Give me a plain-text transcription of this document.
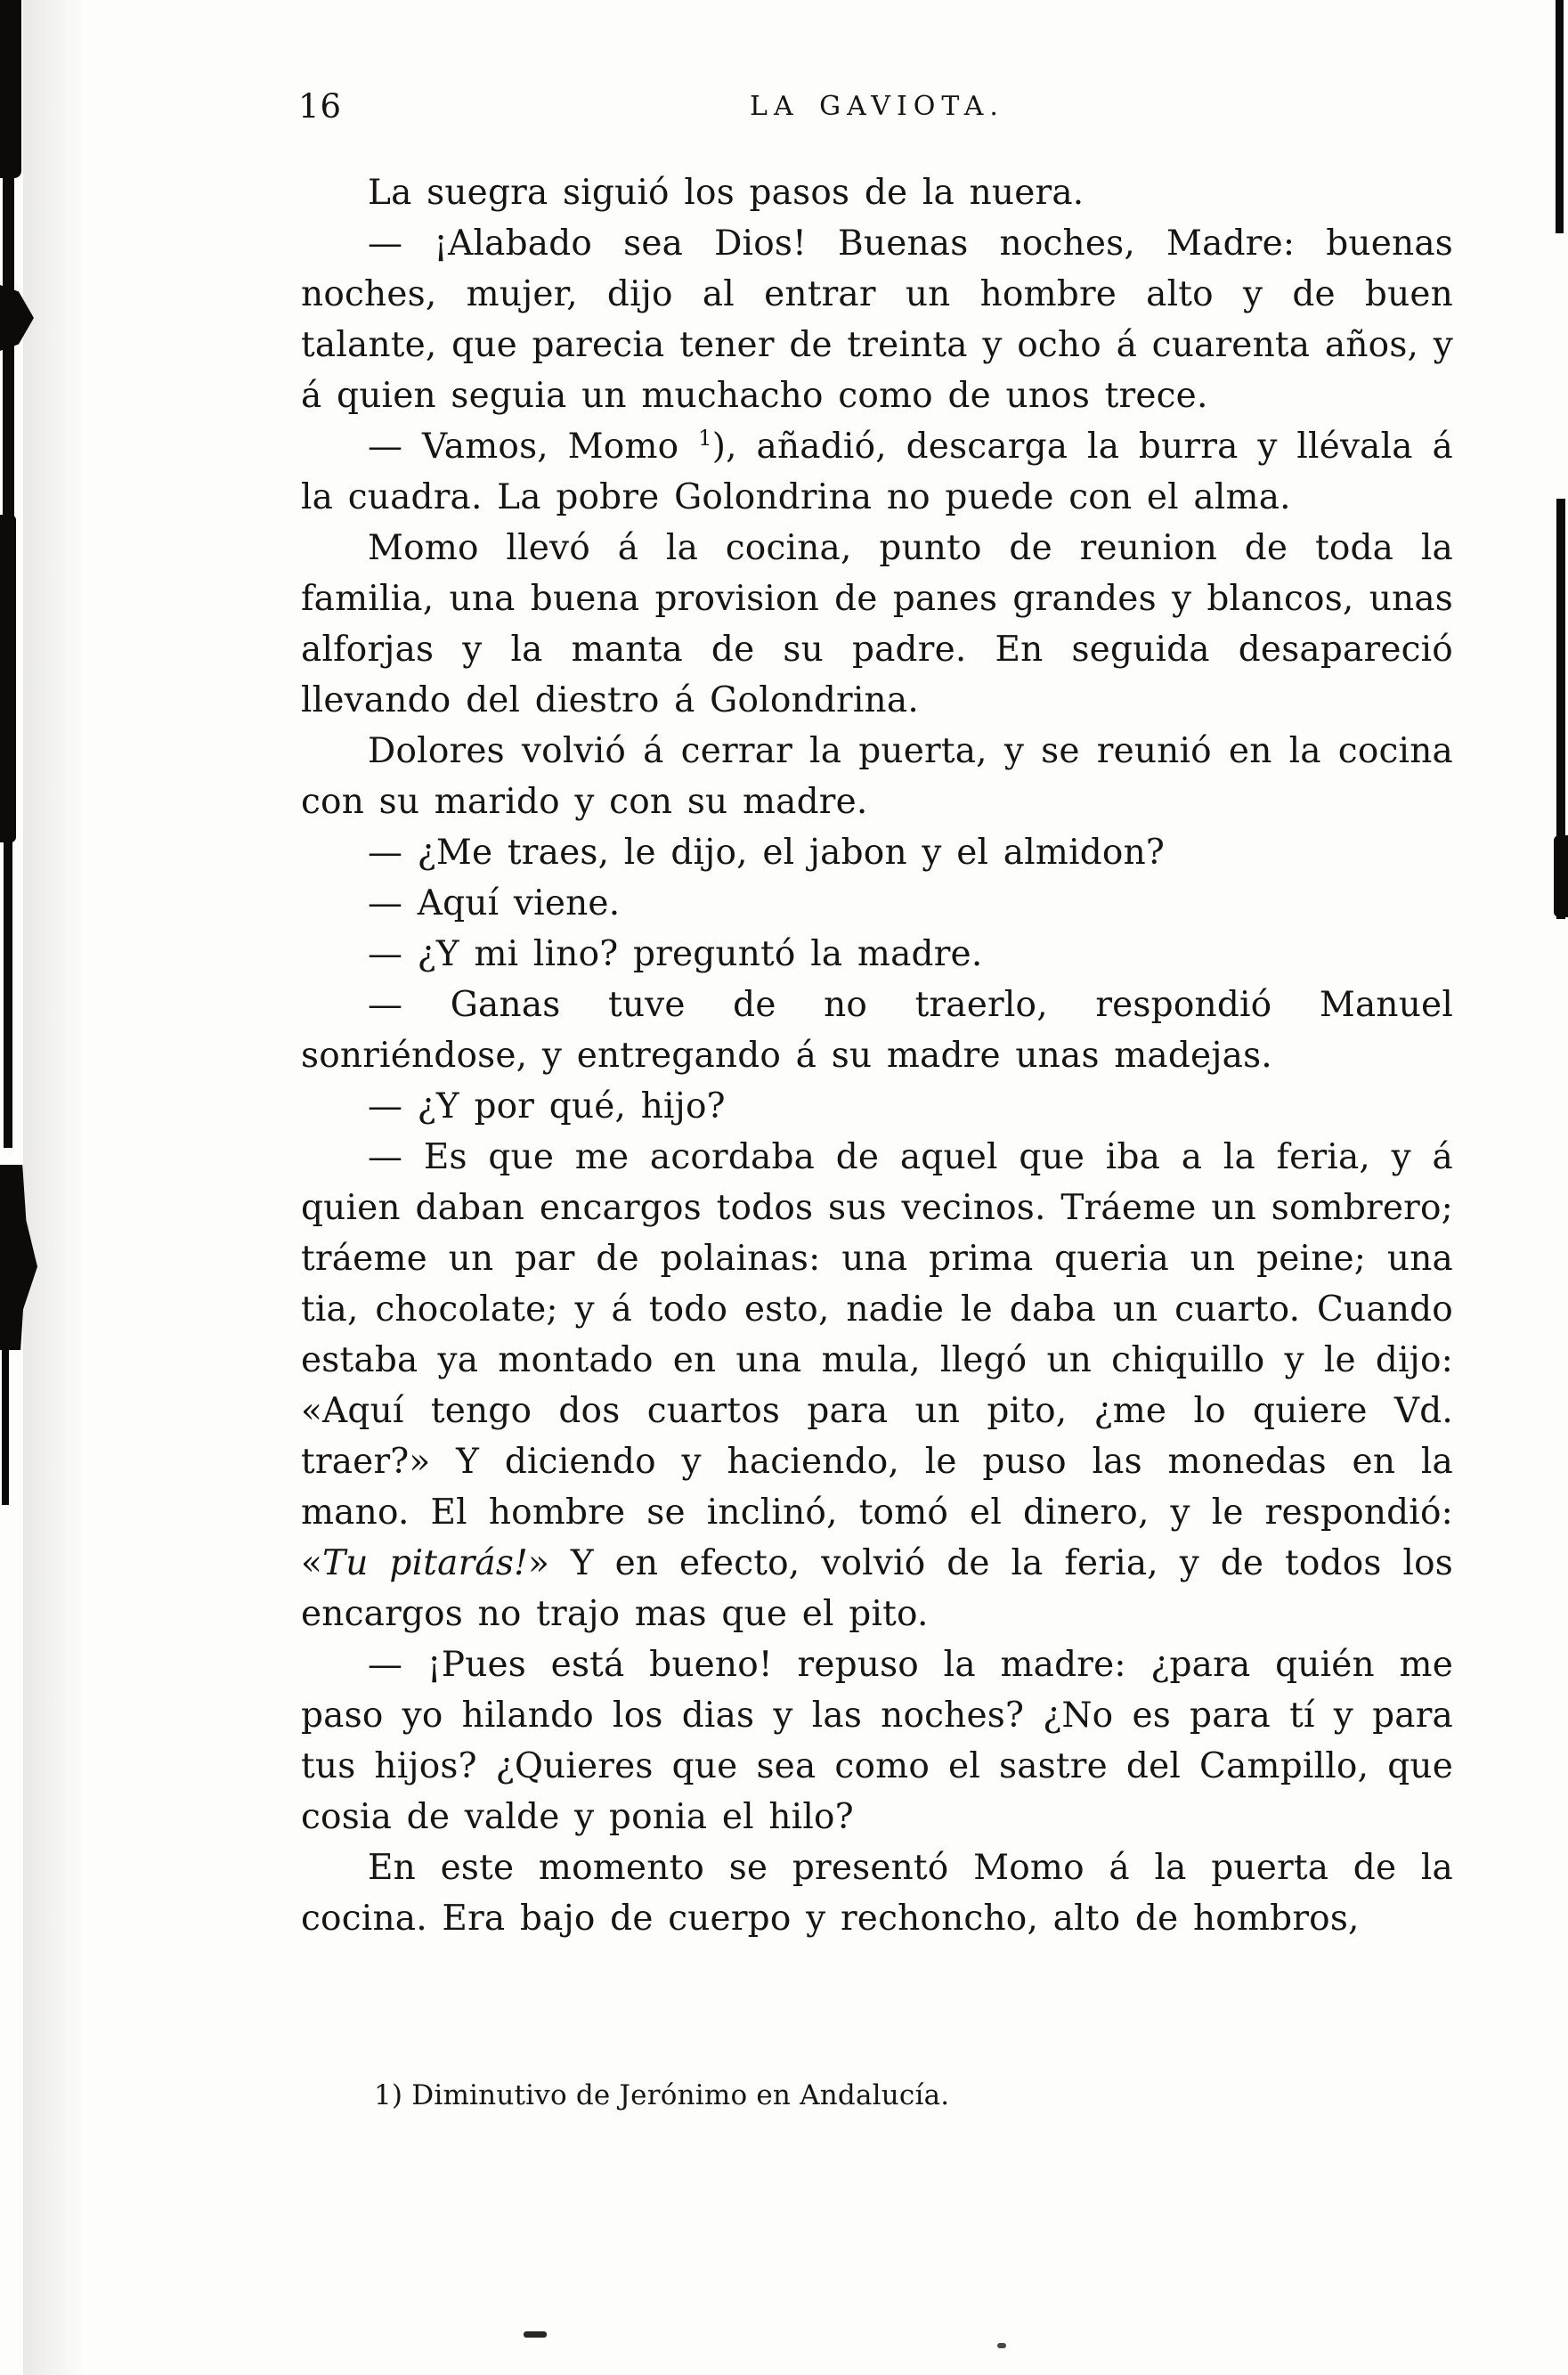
16	LA GAVIOTA.

La suegra siguió los pasos de la nuera.

— ¡Alabado sea Dios! Buenas noches, Madre: buenas noches, mujer, dijo al entrar un hombre alto y de buen talante, que parecia tener de treinta y ocho á cuarenta años, y á quien seguia un muchacho como de unos trece.

— Vamos, Momo $^1$), añadió, descarga la burra y llévala á la cuadra. La pobre Golondrina no puede con el alma.

Momo llevó á la cocina, punto de reunion de toda la familia, una buena provision de panes grandes y blancos, unas alforjas y la manta de su padre. En seguida desapareció llevando del diestro á Golondrina.

Dolores volvió á cerrar la puerta, y se reunió en la cocina con su marido y con su madre.

— ¿Me traes, le dijo, el jabon y el almidon?

— Aquí viene.

— ¿Y mi lino? preguntó la madre.

— Ganas tuve de no traerlo, respondió Manuel sonriéndose, y entregando á su madre unas madejas.

— ¿Y por qué, hijo?

— Es que me acordaba de aquel que iba a la feria, y á quien daban encargos todos sus vecinos. Tráeme un sombrero; tráeme un par de polainas: una prima queria un peine; una tia, chocolate; y á todo esto, nadie le daba un cuarto. Cuando estaba ya montado en una mula, llegó un chiquillo y le dijo: «Aquí tengo dos cuartos para un pito, ¿me lo quiere Vd. traer?» Y diciendo y haciendo, le puso las monedas en la mano. El hombre se inclinó, tomó el dinero, y le respondió: «Tu pitarás!» Y en efecto, volvió de la feria, y de todos los encargos no trajo mas que el pito.

— ¡Pues está bueno! repuso la madre: ¿para quién me paso yo hilando los dias y las noches? ¿No es para tí y para tus hijos? ¿Quieres que sea como el sastre del Campillo, que cosia de valde y ponia el hilo?

En este momento se presentó Momo á la puerta de la cocina. Era bajo de cuerpo y rechoncho, alto de hombros,

1) Diminutivo de Jerónimo en Andalucía.
